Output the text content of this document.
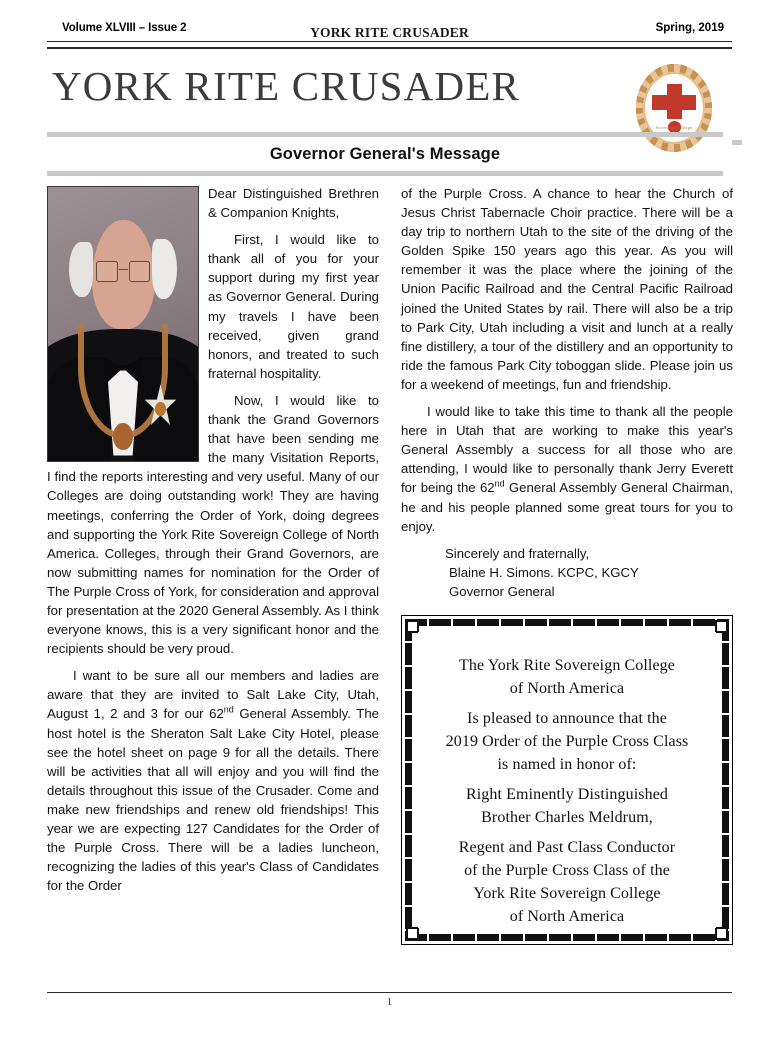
Volume XLVIII – Issue 2	YORK RITE CRUSADER	Spring, 2019
YORK RITE CRUSADER
Sovereign College
Governor General's Message

Dear Distinguished Brethren & Companion Knights,

First, I would like to thank all of you for your support during my first year as Governor General. During my travels I have been received, given grand honors, and treated to such fraternal hospitality.

Now, I would like to thank the Grand Governors that have been sending me the many Visitation Reports, I find the reports interesting and very useful. Many of our Colleges are doing outstanding work! They are having meetings, conferring the Order of York, doing degrees and supporting the York Rite Sovereign College of North America. Colleges, through their Grand Governors, are now submitting names for nomination for the Order of The Purple Cross of York, for consideration and approval for presentation at the 2020 General Assembly. As I think everyone knows, this is a very significant honor and the recipients should be very proud.

I want to be sure all our members and ladies are aware that they are invited to Salt Lake City, Utah, August 1, 2 and 3 for our 62nd General Assembly. The host hotel is the Sheraton Salt Lake City Hotel, please see the hotel sheet on page 9 for all the details. There will be activities that all will enjoy and you will find the details throughout this issue of the Crusader. Come and make new friendships and renew old friendships! This year we are expecting 127 Candidates for the Order of the Purple Cross. There will be a ladies luncheon, recognizing the ladies of this year's Class of Candidates for the Order

of the Purple Cross. A chance to hear the Church of Jesus Christ Tabernacle Choir practice. There will be a day trip to northern Utah to the site of the driving of the Golden Spike 150 years ago this year. As you will remember it was the place where the joining of the Union Pacific Railroad and the Central Pacific Railroad joined the United States by rail. There will also be a trip to Park City, Utah including a visit and lunch at a really fine distillery, a tour of the distillery and an opportunity to ride the famous Park City toboggan slide. Please join us for a weekend of meetings, fun and friendship.

I would like to take this time to thank all the people here in Utah that are working to make this year's General Assembly a success for all those who are attending, I would like to personally thank Jerry Everett for being the 62nd General Assembly General Chairman, he and his people planned some great tours for you to enjoy.

Sincerely and fraternally,

Blaine H. Simons. KCPC, KGCY

Governor General

The York Rite Sovereign College
of North America
Is pleased to announce that the
2019 Order of the Purple Cross Class
is named in honor of:
Right Eminently Distinguished
Brother Charles Meldrum,
Regent and Past Class Conductor
of the Purple Cross Class of the
York Rite Sovereign College
of North America
1
